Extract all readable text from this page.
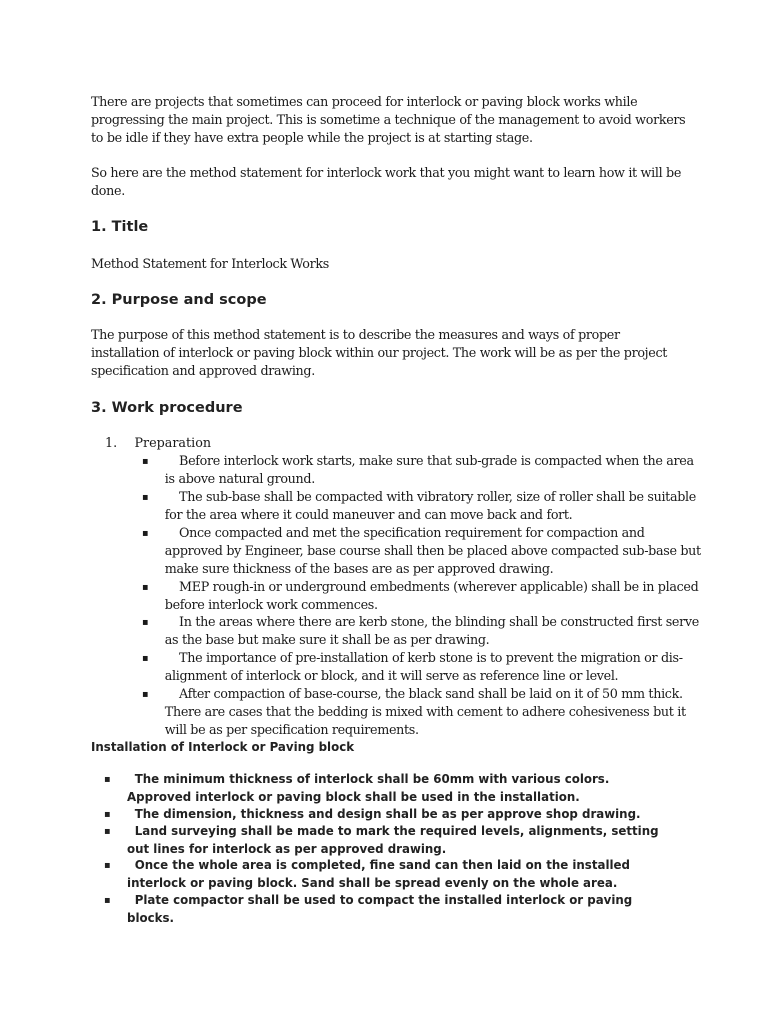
There are projects that sometimes can proceed for interlock or paving block works while progressing the main project. This is sometime a technique of the management to avoid workers to be idle if they have extra people while the project is at starting stage.

So here are the method statement for interlock work that you might want to learn how it will be done.

1. Title

Method Statement for Interlock Works

2. Purpose and scope

The purpose of this method statement is to describe the measures and ways of proper installation of interlock or paving block within our project. The work will be as per the project specification and approved drawing.

3. Work procedure
1. Preparation
▪	Before interlock work starts, make sure that sub-grade is compacted when the area is above natural ground.
▪	The sub-base shall be compacted with vibratory roller, size of roller shall be suitable for the area where it could maneuver and can move back and fort.
▪	Once compacted and met the specification requirement for compaction and approved by Engineer, base course shall then be placed above compacted sub-base but make sure thickness of the bases are as per approved drawing.
▪	MEP rough-in or underground embedments (wherever applicable) shall be in placed before interlock work commences.
▪	In the areas where there are kerb stone, the blinding shall be constructed first serve as the base but make sure it shall be as per drawing.
▪	The importance of pre-installation of kerb stone is to prevent the migration or dis-alignment of interlock or block, and it will serve as reference line or level.
▪	After compaction of base-course, the black sand shall be laid on it of 50 mm thick. There are cases that the bedding is mixed with cement to adhere cohesiveness but it will be as per specification requirements.
Installation of Interlock or Paving block
▪	The minimum thickness of interlock shall be 60mm with various colors. Approved interlock or paving block shall be used in the installation.
▪	The dimension, thickness and design shall be as per approve shop drawing.
▪	Land surveying shall be made to mark the required levels, alignments, setting out lines for interlock as per approved drawing.
▪	Once the whole area is completed, fine sand can then laid on the installed interlock or paving block. Sand shall be spread evenly on the whole area.
▪	Plate compactor shall be used to compact the installed interlock or paving blocks.
